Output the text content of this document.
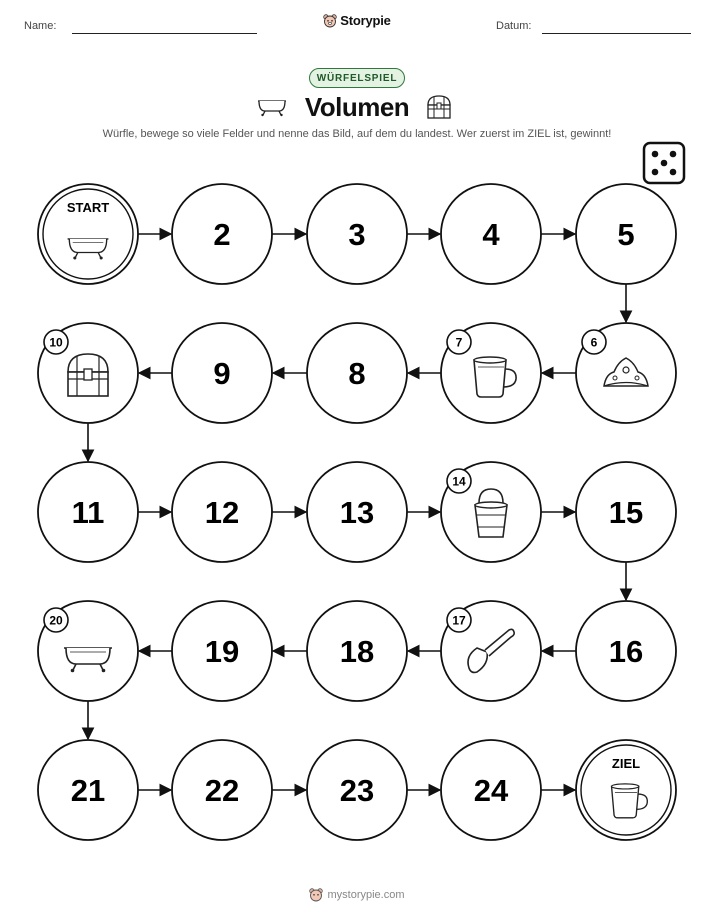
Name:	Storypie	Datum:
WÜRFELSPIEL
Volumen
Würfle, bewege so viele Felder und nenne das Bild, auf dem du landest. Wer zuerst im ZIEL ist, gewinnt!
START
2	3	4	5
6
7
8
9
10
11	12	13
14
15
16
17
18
19
20
21	22	23	24
ZIEL
mystorypie.com
